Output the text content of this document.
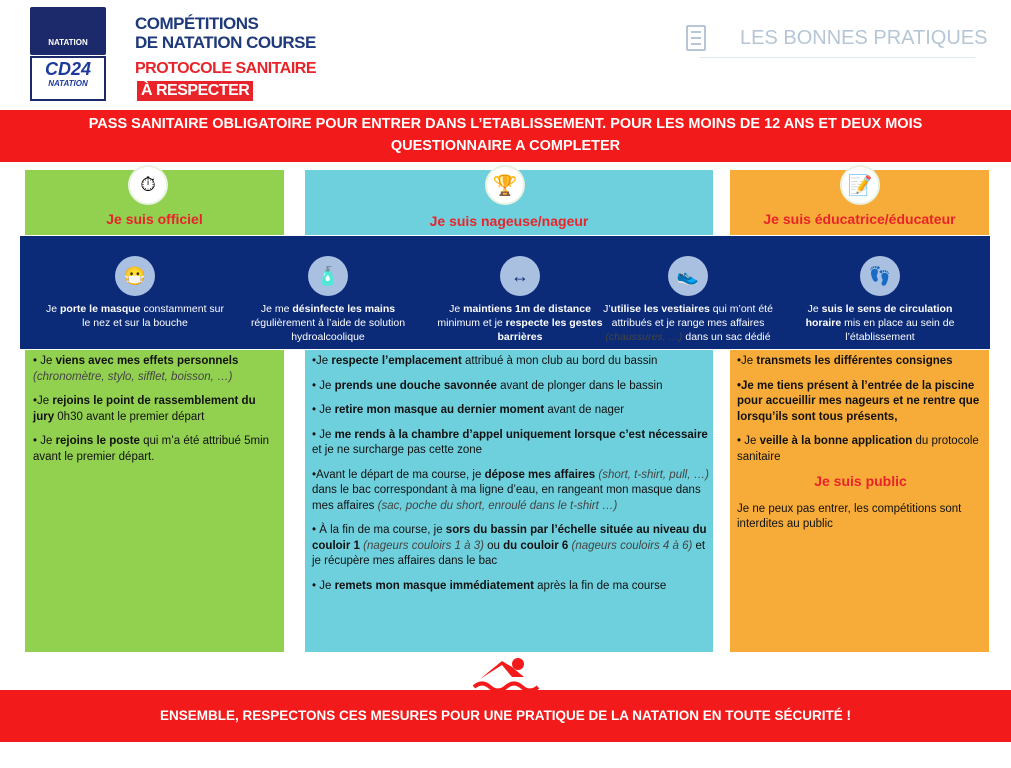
NATATION
CD24
NATATION
COMPÉTITIONS
DE NATATION COURSE
PROTOCOLE SANITAIRE
À RESPECTER
LES BONNES PRATIQUES
PASS SANITAIRE OBLIGATOIRE POUR ENTRER DANS L’ETABLISSEMENT. POUR LES MOINS DE 12 ANS ET DEUX MOIS
QUESTIONNAIRE A COMPLETER
⏱	🏆	📝
Je suis officiel	Je suis nageuse/nageur	Je suis éducatrice/éducateur
😷
Je porte le masque constamment sur le nez et sur la bouche
🧴
Je me désinfecte les mains régulièrement à l’aide de solution hydroalcoolique
↔
Je maintiens 1m de distance minimum et je respecte les gestes barrières
👟
J’utilise les vestiaires qui m’ont été attribués et je range mes affaires (chaussures, …) dans un sac dédié
👣
Je suis le sens de circulation horaire mis en place au sein de l’établissement

• Je viens avec mes effets personnels (chronomètre, stylo, sifflet, boisson, …)

•Je rejoins le point de rassemblement du jury 0h30 avant le premier départ

• Je rejoins le poste qui m’a été attribué 5min avant le premier départ.

•Je respecte l’emplacement attribué à mon club au bord du bassin

• Je prends une douche savonnée avant de plonger dans le bassin

• Je retire mon masque au dernier moment avant de nager

• Je me rends à la chambre d’appel uniquement lorsque c’est nécessaire et je ne surcharge pas cette zone

•Avant le départ de ma course, je dépose mes affaires (short, t-shirt, pull, …) dans le bac correspondant à ma ligne d’eau, en rangeant mon masque dans mes affaires (sac, poche du short, enroulé dans le t-shirt …)

• À la fin de ma course, je sors du bassin par l’échelle située au niveau du couloir 1 (nageurs couloirs 1 à 3) ou du couloir 6 (nageurs couloirs 4 à 6) et je récupère mes affaires dans le bac

• Je remets mon masque immédiatement après la fin de ma course

•Je transmets les différentes consignes

•Je me tiens présent à l’entrée de la piscine pour accueillir mes nageurs et ne rentre que lorsqu’ils sont tous présents,

• Je veille à la bonne application du protocole sanitaire

Je suis public

Je ne peux pas entrer, les compétitions sont interdites au public

ENSEMBLE, RESPECTONS CES MESURES POUR UNE PRATIQUE DE LA NATATION EN TOUTE SÉCURITÉ !
